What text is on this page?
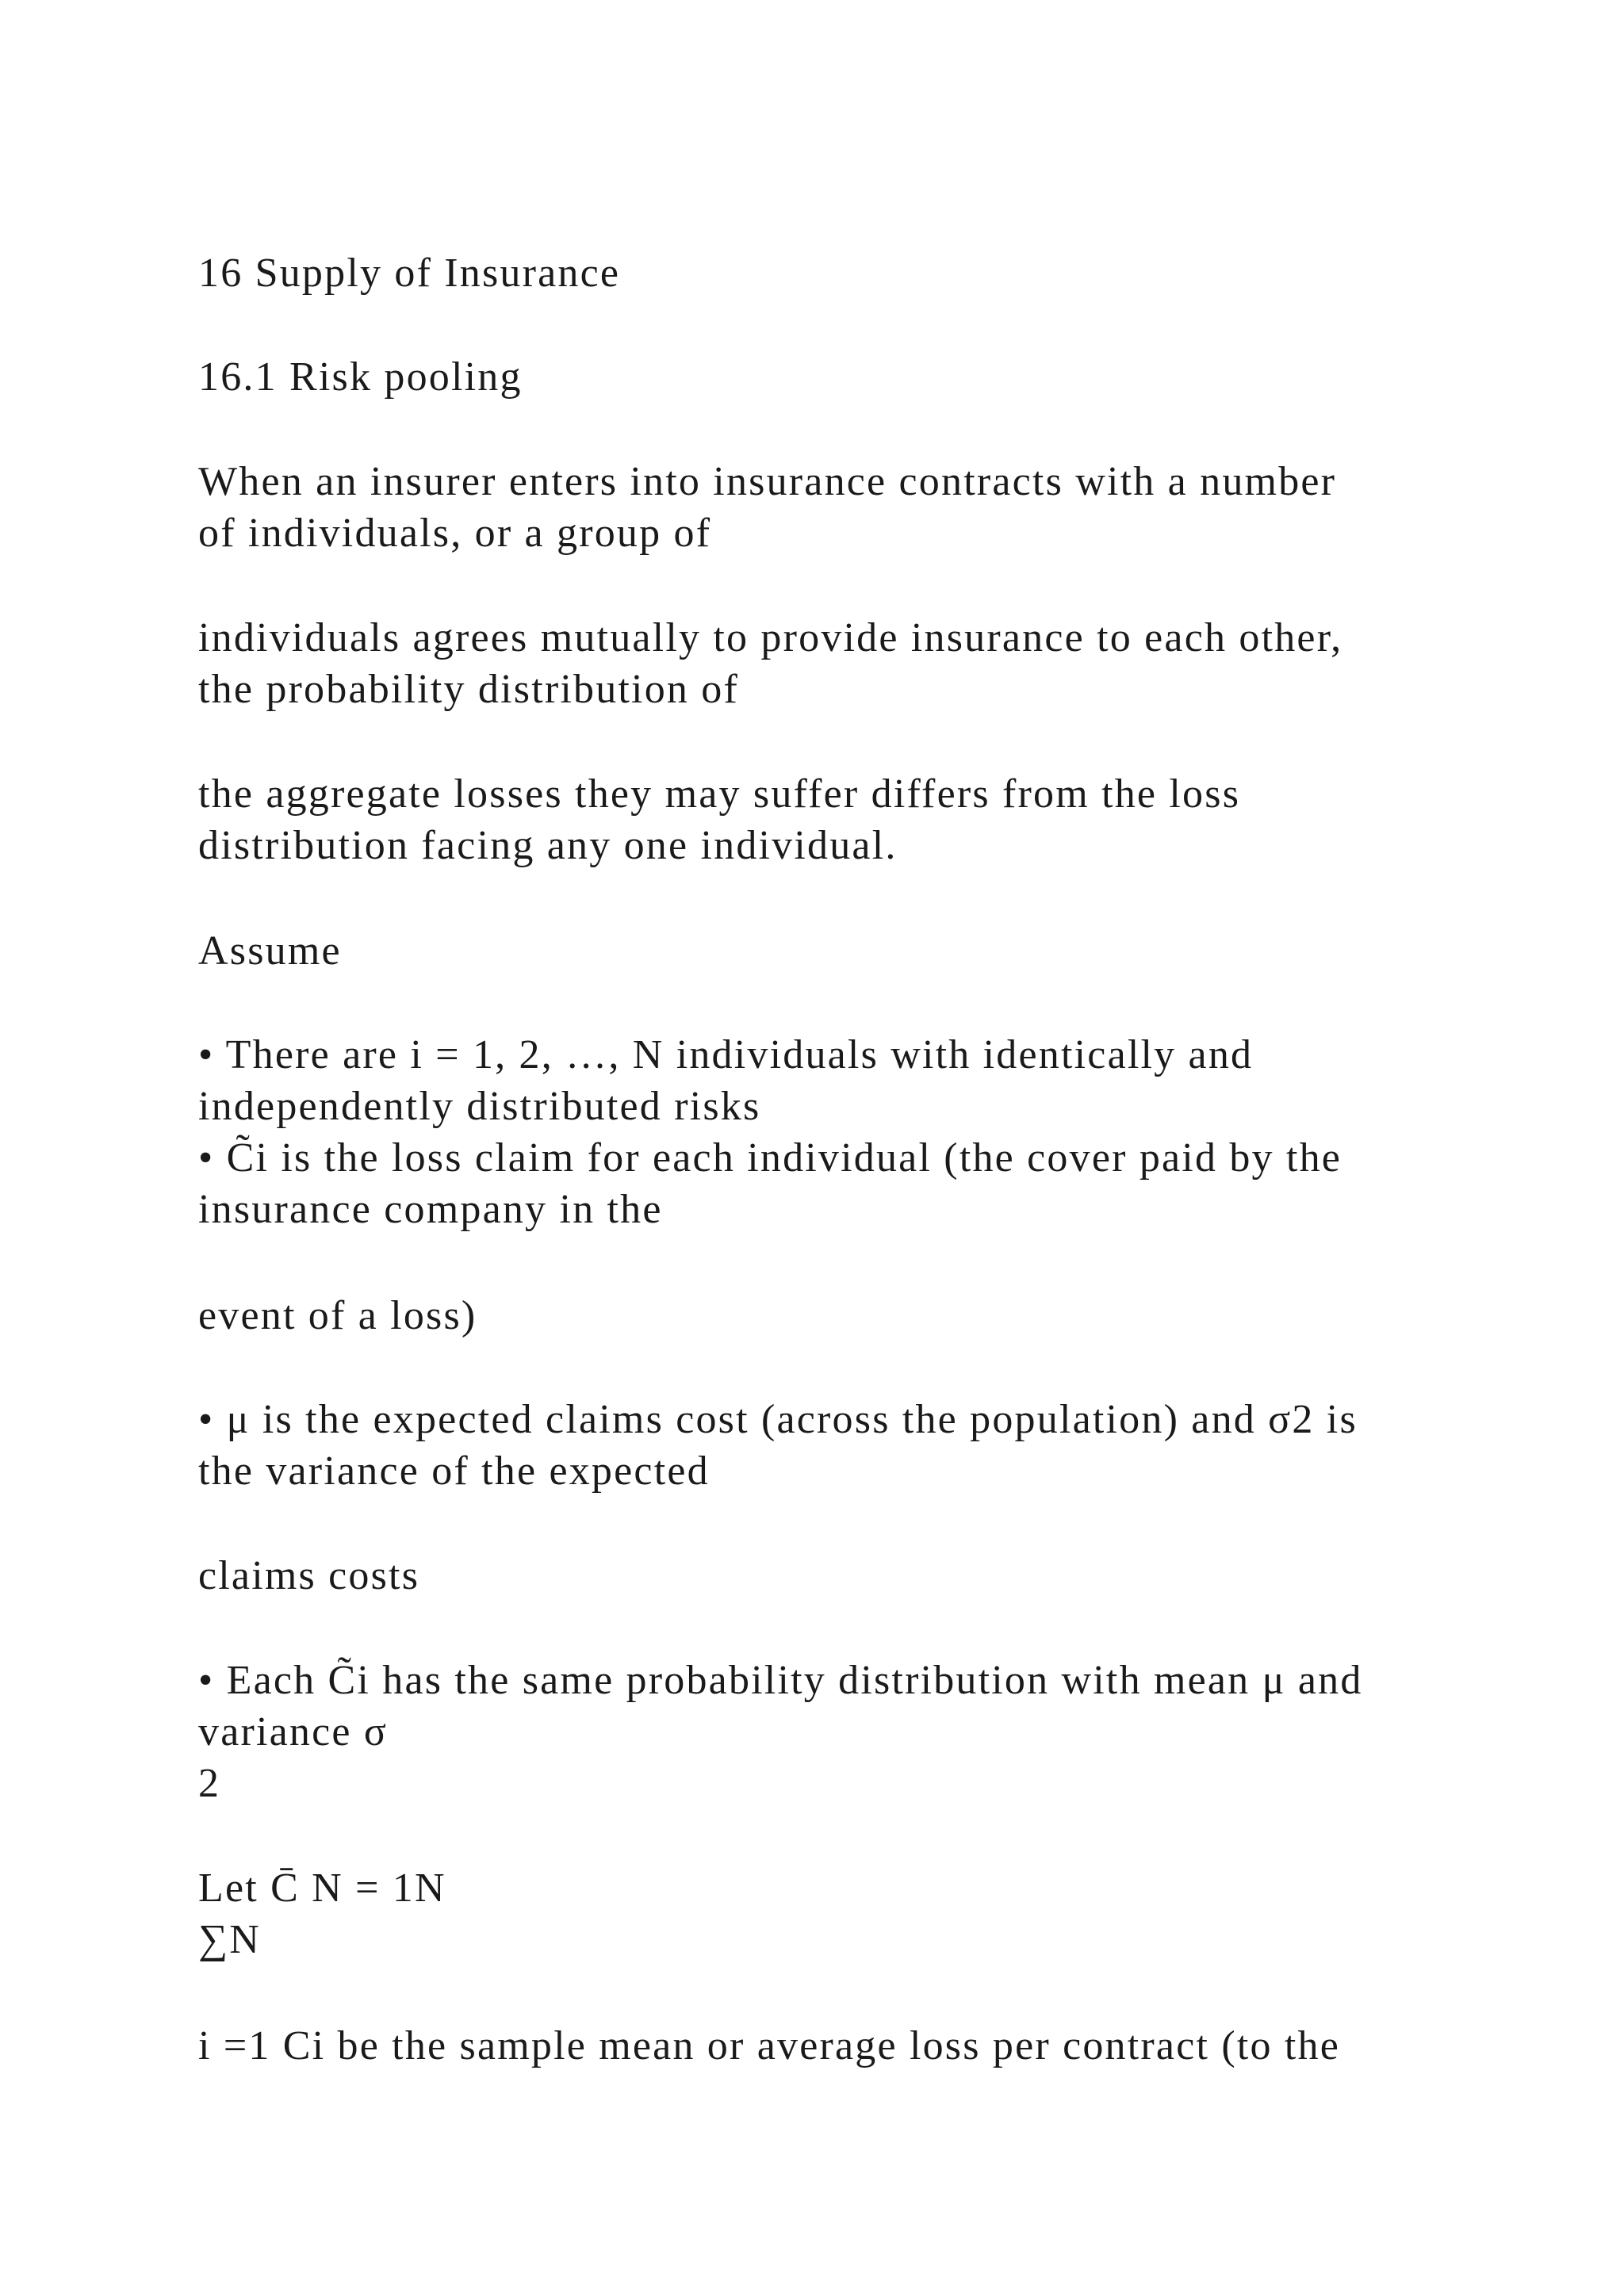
16 Supply of Insurance

16.1 Risk pooling

When an insurer enters into insurance contracts with a number
of individuals, or a group of

individuals agrees mutually to provide insurance to each other,
the probability distribution of

the aggregate losses they may suffer differs from the loss
distribution facing any one individual.

Assume

• There are i = 1, 2, …, N individuals with identically and
independently distributed risks
• C̃i is the loss claim for each individual (the cover paid by the
insurance company in the

event of a loss)

• μ is the expected claims cost (across the population) and σ2 is
the variance of the expected

claims costs

• Each C̃i has the same probability distribution with mean μ and
variance σ
2

Let C̄ N = 1N
∑N

i =1 Ci be the sample mean or average loss per contract (to the
